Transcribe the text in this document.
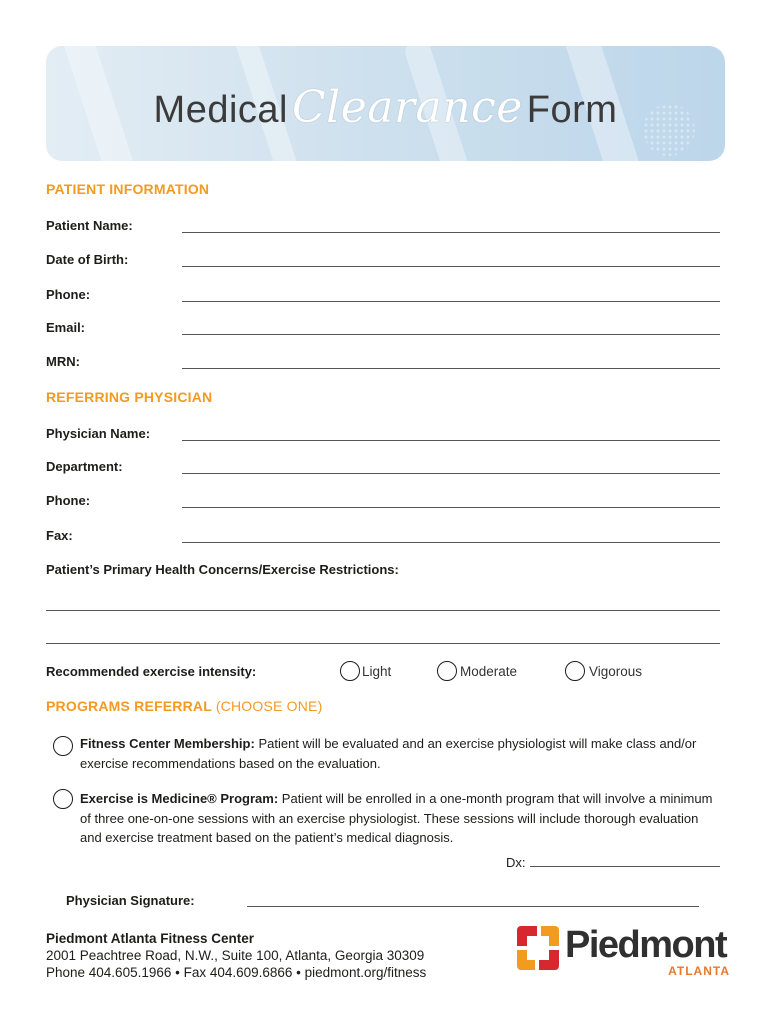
MedicalClearance Form
PATIENT INFORMATION
Patient Name:
Date of Birth:
Phone:
Email:
MRN:
REFERRING PHYSICIAN
Physician Name:
Department:
Phone:
Fax:
Patient’s Primary Health Concerns/Exercise Restrictions:
Recommended exercise intensity:	Light	Moderate	Vigorous
PROGRAMS REFERRAL (CHOOSE ONE)
Fitness Center Membership: Patient will be evaluated and an exercise physiologist will make class and/or exercise recommendations based on the evaluation.
Exercise is Medicine® Program: Patient will be enrolled in a one-month program that will involve a minimum of three one-on-one sessions with an exercise physiologist. These sessions will include thorough evaluation and exercise treatment based on the patient’s medical diagnosis.
Dx:
Physician Signature:
Piedmont Atlanta Fitness Center
2001 Peachtree Road, N.W., Suite 100, Atlanta, Georgia 30309
Phone 404.605.1966 • Fax 404.609.6866 • piedmont.org/fitness
Piedmont
ATLANTA
